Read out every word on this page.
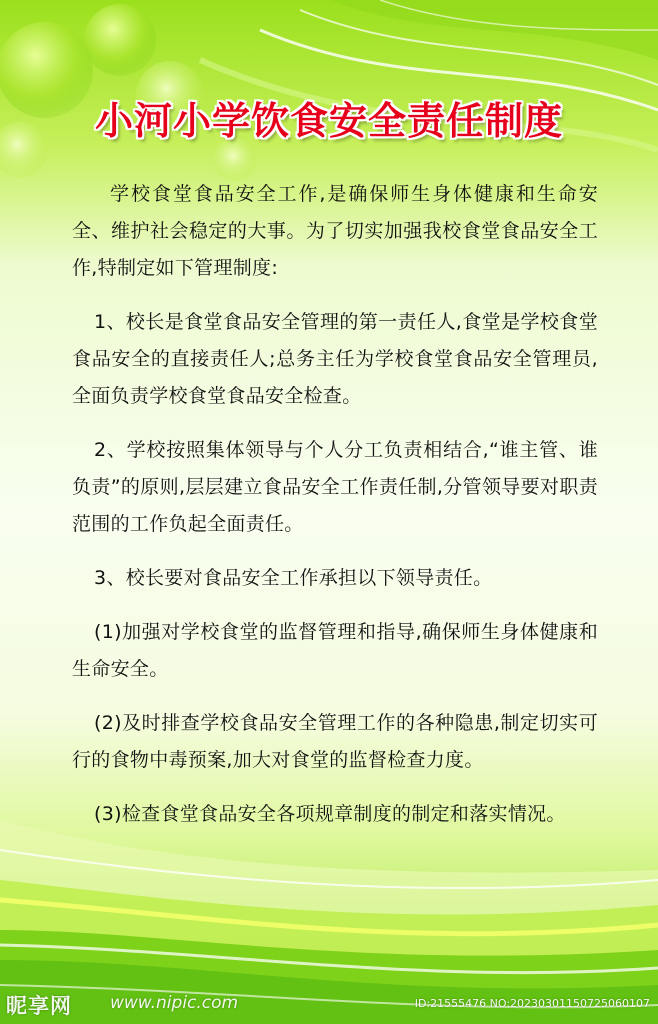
小河小学饮食安全责任制度

学校食堂食品安全工作,是确保师生身体健康和生命安全、维护社会稳定的大事。为了切实加强我校食堂食品安全工作,特制定如下管理制度:

1、校长是食堂食品安全管理的第一责任人,食堂是学校食堂食品安全的直接责任人;总务主任为学校食堂食品安全管理员,全面负责学校食堂食品安全检查。

2、学校按照集体领导与个人分工负责相结合,“谁主管、谁负责”的原则,层层建立食品安全工作责任制,分管领导要对职责范围的工作负起全面责任。

3、校长要对食品安全工作承担以下领导责任。

(1)加强对学校食堂的监督管理和指导,确保师生身体健康和生命安全。

(2)及时排查学校食品安全管理工作的各种隐患,制定切实可行的食物中毒预案,加大对食堂的监督检查力度。

(3)检查食堂食品安全各项规章制度的制定和落实情况。

昵享网 www.nipic.com	ID:21555476 NO:20230301150725060107
